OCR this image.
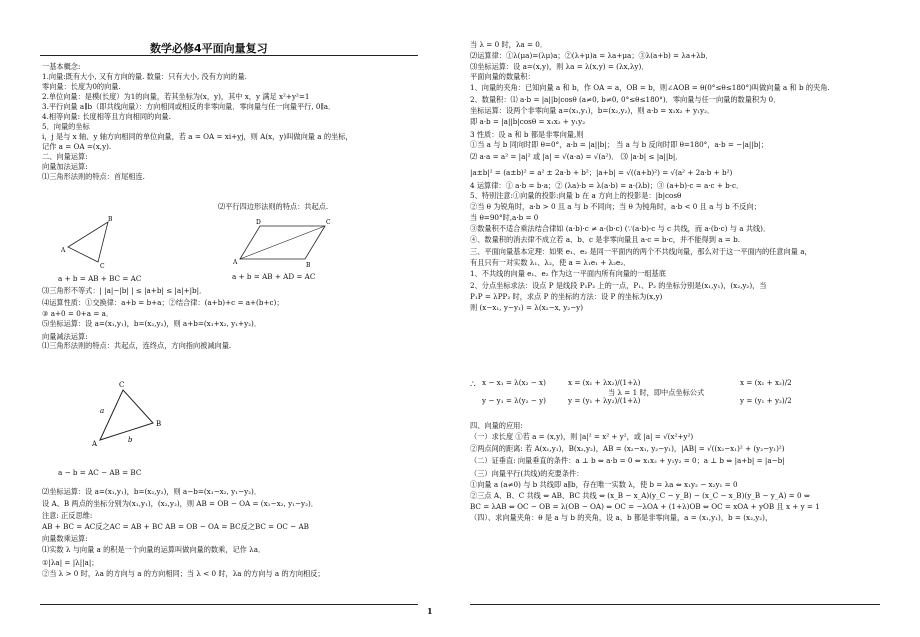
数学必修4平面向量复习
一基本概念:
1.向量:既有大小, 又有方向的量. 数量：只有大小, 没有方向的量.
零向量：长度为0的向量.
2.单位向量：是模(长度）为1的向量，若其坐标为(x，y)，其中 x，y 满足 x²+y²=1
3.平行向量 a∥b（即共线向量）：方向相同或相反的非零向量．零向量与任一向量平行, 0∥a．
4.相等向量: 长度相等且方向相同的向量.
5．向量的坐标
i，j 是与 x 轴、y 轴方向相同的单位向量，若 a = OA = xi+yj，则 A(x，y)叫做向量 a 的坐标，
记作 a = OA =(x,y).
二、向量运算:
向量加法运算:
⑴三角形法则的特点：首尾相连.
⑶三角形不等式：| |a|−|b| | ≤ |a+b| ≤ |a|+|b|．
⑷运算性质：①交换律：a+b = b+a；②结合律：(a+b)+c = a+(b+c)；
③ a+0 = 0+a = a．
⑸坐标运算：设 a=(x₁,y₁)，b=(x₂,y₂)，则 a+b=(x₁+x₂, y₁+y₂)．
向量减法运算:
⑴三角形法则的特点：共起点，连终点，方向指向被减向量.
⑵坐标运算：设 a=(x₁,y₁)，b=(x₂,y₂)，则 a−b=(x₁−x₂, y₁−y₂)．
设 A、B 两点的坐标分别为(x₁,y₁)，(x₂,y₂)，则 AB = OB − OA = (x₁−x₂, y₁−y₂)．
注意: 正反思维:
AB + BC = AC反之AC = AB + BC AB = OB − OA = BC反之BC = OC − AB
向量数乘运算:
⑴实数 λ 与向量 a 的积是一个向量的运算叫做向量的数乘，记作 λa．
①|λa| = |λ||a|；
②当 λ > 0 时，λa 的方向与 a 的方向相同；当 λ < 0 时，λa 的方向与 a 的方向相反；
当 λ = 0 时，λa = 0．
⑵运算律：①λ(μa)=(λμ)a；②(λ+μ)a = λa+μa；③λ(a+b) = λa+λb．
⑶坐标运算：设 a=(x,y)，则 λa = λ(x,y) = (λx,λy)．
平面向量的数量积：
1、向量的夹角：已知向量 a 和 b，作 OA = a，OB = b，则∠AOB = θ(0°≤θ≤180°)叫做向量 a 和 b 的夹角.
2、数量积：⑴ a·b = |a||b|cosθ (a≠0, b≠0, 0°≤θ≤180°)．零向量与任一向量的数量积为 0．
坐标运算：设两个非零向量 a=(x₁,y₁)，b=(x₂,y₂)，则 a·b = x₁x₂ + y₁y₂．
即 a·b = |a||b|cosθ = x₁x₂ + y₁y₂
3 性质：设 a 和 b 都是非零向量,则
①当 a 与 b 同向时即 θ=0°，a·b = |a||b|； 当 a 与 b 反向时即 θ=180°，a·b = −|a||b|；
⑵ a·a = a² = |a|² 或 |a| = √(a·a) = √(a²)． ⑶ |a·b| ≤ |a||b|．
|a±b|² = (a±b)² = a² ± 2a·b + b²；|a+b| = √((a+b)²) = √(a² + 2a·b + b²)
4 运算律：① a·b = b·a；② (λa)·b = λ(a·b) = a·(λb)；③ (a+b)·c = a·c + b·c．
5、特别注意:①向量的投影:向量 b 在 a 方向上的投影是：|b|cosθ
②当 θ 为锐角时，a·b > 0 且 a 与 b 不同向；当 θ 为钝角时，a·b < 0 且 a 与 b 不反向；
当 θ=90°时,a·b = 0
③数量积不适合乘法结合律如 (a·b)·c ≠ a·(b·c) (∵(a·b)·c 与 c 共线，而 a·(b·c) 与 a 共线)．
④、数量积的消去律不成立若 a、b、c 是非零向量且 a·c = b·c，并不能得到 a = b.
三、平面向量基本定理：如果 e₁、e₂ 是同一平面内的两个不共线向量，那么对于这一平面内的任意向量 a，
有且只有一对实数 λ₁、λ₂，使 a = λ₁e₁ + λ₂e₂．
1、不共线的向量 e₁、e₂ 作为这一平面内所有向量的一组基底
2、分点坐标求法：设点 P 是线段 P₁P₂ 上的一点，P₁、P₂ 的坐标分别是(x₁,y₁)，(x₂,y₂)，当
P₁P = λPP₂ 时，求点 P 的坐标的方法：设 P 的坐标为(x,y)
则 (x−x₁, y−y₁) = λ(x₂−x, y₂−y)
四、向量的应用:
（一）求长度 ①若 a = (x,y)，则 |a|² = x² + y²，或 |a| = √(x²+y²)
②两点间的距离: 若 A(x₁,y₁)，B(x₂,y₂)，AB = (x₂−x₁, y₂−y₁)，|AB| = √((x₂−x₁)² + (y₂−y₁)²)
（二）证垂直: 向量垂直的条件：a ⊥ b ⇔ a·b = 0 ⇔ x₁x₂ + y₁y₂ = 0；a ⊥ b ⇔ |a+b| = |a−b|
（三）向量平行(共线)的充要条件：
①向量 a (a≠0) 与 b 共线即 a∥b，存在唯一实数 λ，使 b = λa ⇔ x₁y₂ − x₂y₁ = 0
②三点 A、B、C 共线 ⇔ AB、BC 共线 ⇔ (x_B − x_A)(y_C − y_B) − (x_C − x_B)(y_B − y_A) = 0 ⇔
BC = λAB ⇔ OC − OB = λ(OB − OA) ⇔ OC = −λOA + (1+λ)OB ⇔ OC = xOA + yOB 且 x + y = 1
（四）、求向量夹角：θ 是 a 与 b 的夹角，设 a、b 都是非零向量，a = (x₁,y₁)，b = (x₂,y₂)，
A
B
C
a + b = AB + BC = AC
⑵平行四边形法则的特点：共起点.
A
D	C
B
a + b = AB + AD = AC
A
C
B
a
b
a − b = AC − AB = BC
∴ x − x₁ = λ(x₂ − x)
y − y₁ = λ(y₂ − y)
x = (x₁ + λx₂)/(1+λ)
y = (y₁ + λy₂)/(1+λ)
当 λ = 1 时，即中点坐标公式
x = (x₁ + x₂)/2
y = (y₁ + y₂)/2
1
